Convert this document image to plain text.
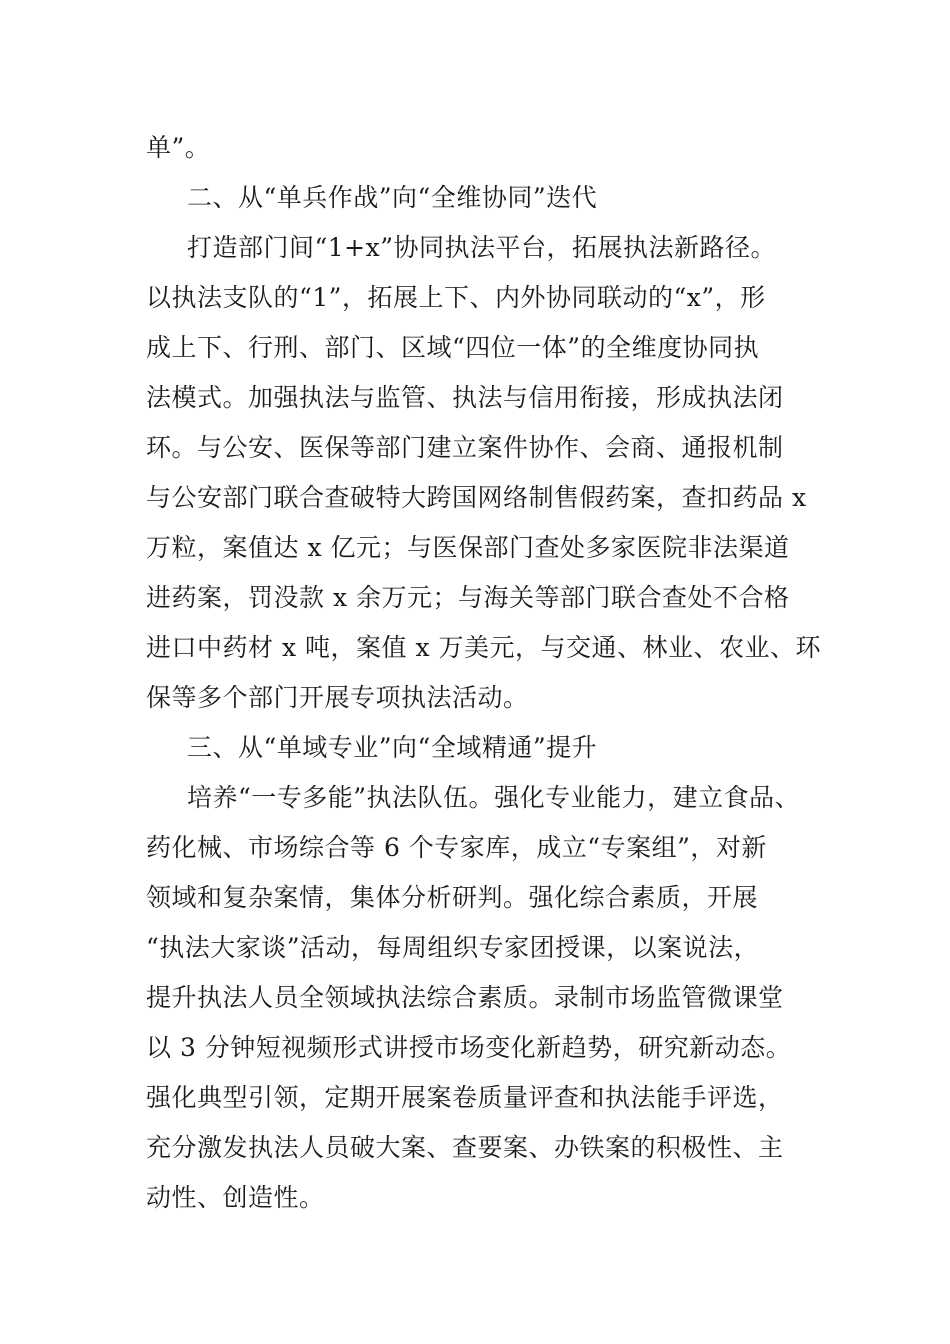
单”。
二、从“单兵作战”向“全维协同”迭代
打造部门间“1+x”协同执法平台，拓展执法新路径。
以执法支队的“1”，拓展上下、内外协同联动的“x”，形
成上下、行刑、部门、区域“四位一体”的全维度协同执
法模式。加强执法与监管、执法与信用衔接，形成执法闭
环。与公安、医保等部门建立案件协作、会商、通报机制
与公安部门联合查破特大跨国网络制售假药案，查扣药品 x
万粒，案值达 x 亿元；与医保部门查处多家医院非法渠道
进药案，罚没款 x 余万元；与海关等部门联合查处不合格
进口中药材 x 吨，案值 x 万美元，与交通、林业、农业、环
保等多个部门开展专项执法活动。
三、从“单域专业”向“全域精通”提升
培养“一专多能”执法队伍。强化专业能力，建立食品、
药化械、市场综合等 6 个专家库，成立“专案组”，对新
领域和复杂案情，集体分析研判。强化综合素质，开展
“执法大家谈”活动，每周组织专家团授课，以案说法，
提升执法人员全领域执法综合素质。录制市场监管微课堂
以 3 分钟短视频形式讲授市场变化新趋势，研究新动态。
强化典型引领，定期开展案卷质量评查和执法能手评选，
充分激发执法人员破大案、查要案、办铁案的积极性、主
动性、创造性。
